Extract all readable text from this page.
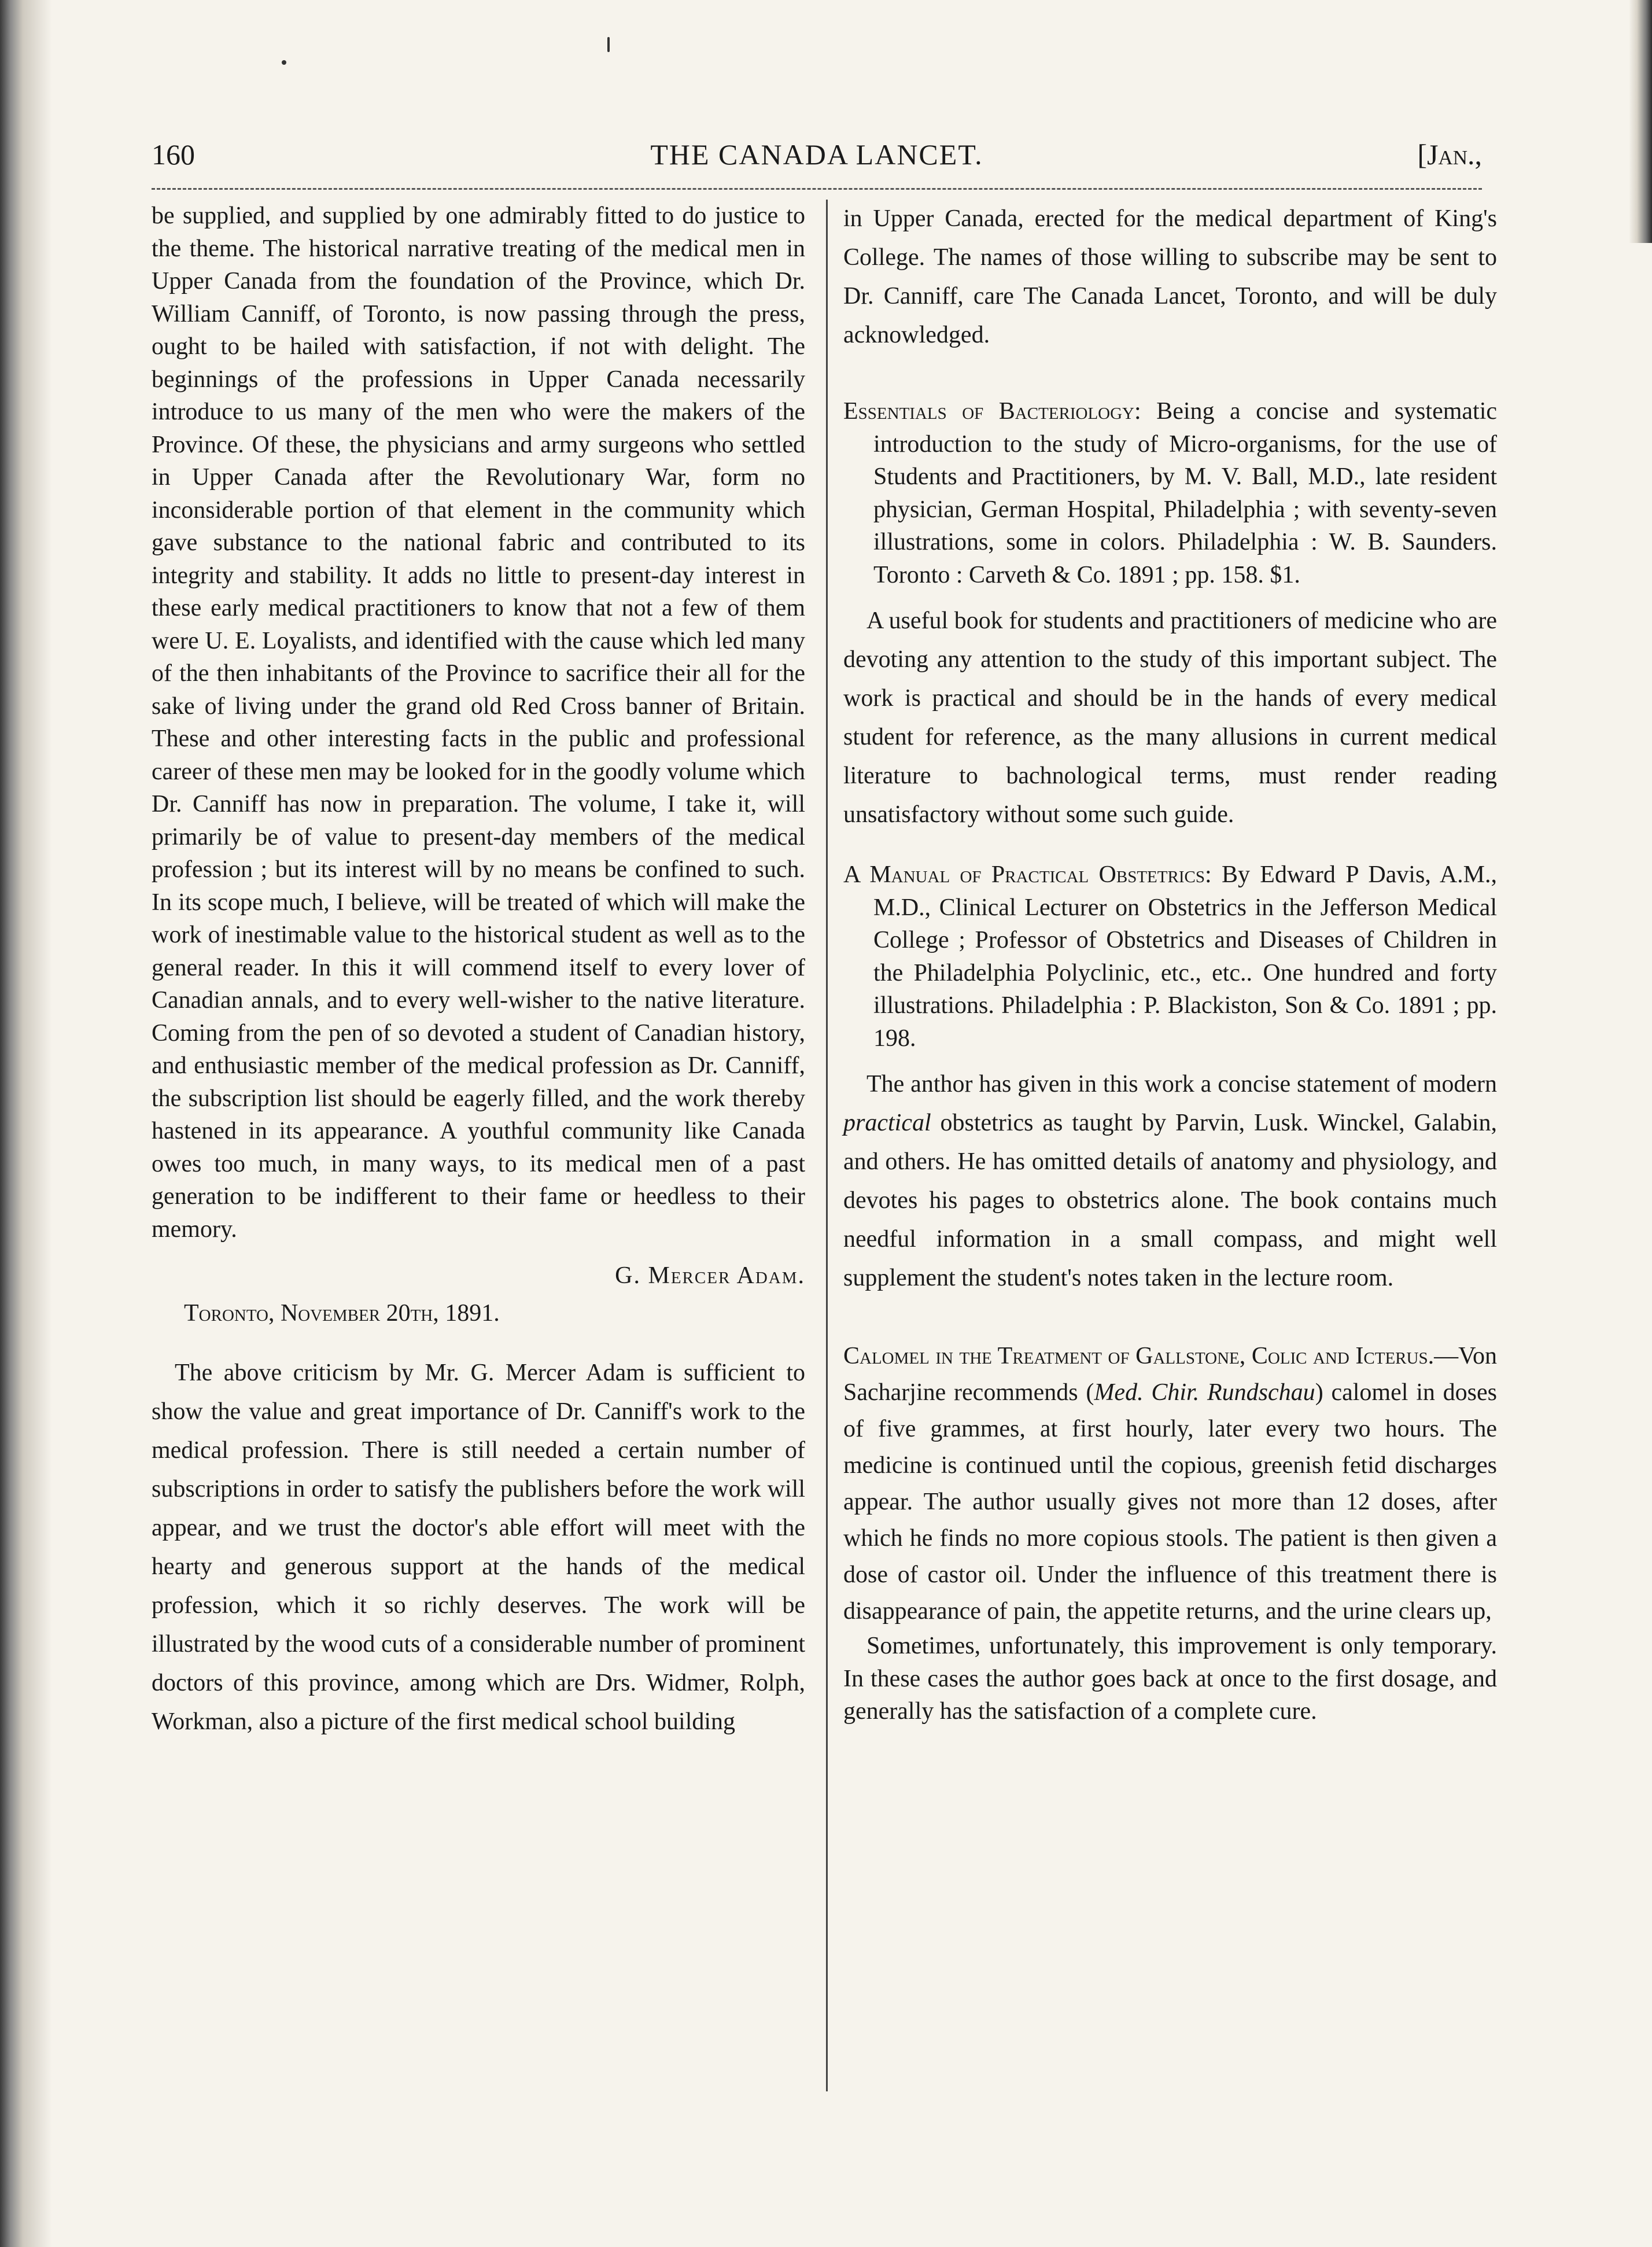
160	THE CANADA LANCET.	[Jan.,

be supplied, and supplied by one admirably fitted to do justice to the theme. The historical narrative treating of the medical men in Upper Canada from the foundation of the Province, which Dr. William Canniff, of Toronto, is now passing through the press, ought to be hailed with satisfaction, if not with delight. The beginnings of the professions in Upper Canada necessarily introduce to us many of the men who were the makers of the Province. Of these, the physicians and army surgeons who settled in Upper Canada after the Revolutionary War, form no inconsiderable portion of that element in the community which gave substance to the national fabric and contributed to its integrity and stability. It adds no little to present-day interest in these early medical practitioners to know that not a few of them were U. E. Loyalists, and identified with the cause which led many of the then inhabitants of the Province to sacrifice their all for the sake of living under the grand old Red Cross banner of Britain. These and other interesting facts in the public and professional career of these men may be looked for in the goodly volume which Dr. Canniff has now in preparation. The volume, I take it, will primarily be of value to present-day members of the medical profession ; but its interest will by no means be confined to such. In its scope much, I believe, will be treated of which will make the work of inestimable value to the historical student as well as to the general reader. In this it will commend itself to every lover of Canadian annals, and to every well-wisher to the native literature. Coming from the pen of so devoted a student of Canadian history, and enthusiastic member of the medical profession as Dr. Canniff, the subscription list should be eagerly filled, and the work thereby hastened in its appearance. A youthful community like Canada owes too much, in many ways, to its medical men of a past generation to be indifferent to their fame or heedless to their memory.

G. Mercer Adam.

Toronto, November 20th, 1891.

The above criticism by Mr. G. Mercer Adam is sufficient to show the value and great importance of Dr. Canniff's work to the medical profession. There is still needed a certain number of subscriptions in order to satisfy the publishers before the work will appear, and we trust the doctor's able effort will meet with the hearty and generous support at the hands of the medical profession, which it so richly deserves. The work will be illustrated by the wood cuts of a considerable number of prominent doctors of this province, among which are Drs. Widmer, Rolph, Workman, also a picture of the first medical school building

in Upper Canada, erected for the medical department of King's College. The names of those willing to subscribe may be sent to Dr. Canniff, care The Canada Lancet, Toronto, and will be duly acknowledged.

Essentials of Bacteriology: Being a concise and systematic introduction to the study of Micro-organisms, for the use of Students and Practitioners, by M. V. Ball, M.D., late resident physician, German Hospital, Philadelphia ; with seventy-seven illustrations, some in colors. Philadelphia : W. B. Saunders. Toronto : Carveth & Co. 1891 ; pp. 158. $1.

A useful book for students and practitioners of medicine who are devoting any attention to the study of this important subject. The work is practical and should be in the hands of every medical student for reference, as the many allusions in current medical literature to bachnological terms, must render reading unsatisfactory without some such guide.

A Manual of Practical Obstetrics: By Edward P Davis, A.M., M.D., Clinical Lecturer on Obstetrics in the Jefferson Medical College ; Professor of Obstetrics and Diseases of Children in the Philadelphia Polyclinic, etc., etc.. One hundred and forty illustrations. Philadelphia : P. Blackiston, Son & Co. 1891 ; pp. 198.

The anthor has given in this work a concise statement of modern practical obstetrics as taught by Parvin, Lusk. Winckel, Galabin, and others. He has omitted details of anatomy and physiology, and devotes his pages to obstetrics alone. The book contains much needful information in a small compass, and might well supplement the student's notes taken in the lecture room.

Calomel in the Treatment of Gallstone, Colic and Icterus.—Von Sacharjine recommends (Med. Chir. Rundschau) calomel in doses of five grammes, at first hourly, later every two hours. The medicine is continued until the copious, greenish fetid discharges appear. The author usually gives not more than 12 doses, after which he finds no more copious stools. The patient is then given a dose of castor oil. Under the influence of this treatment there is disappearance of pain, the appetite returns, and the urine clears up,

Sometimes, unfortunately, this improvement is only temporary. In these cases the author goes back at once to the first dosage, and generally has the satisfaction of a complete cure.
